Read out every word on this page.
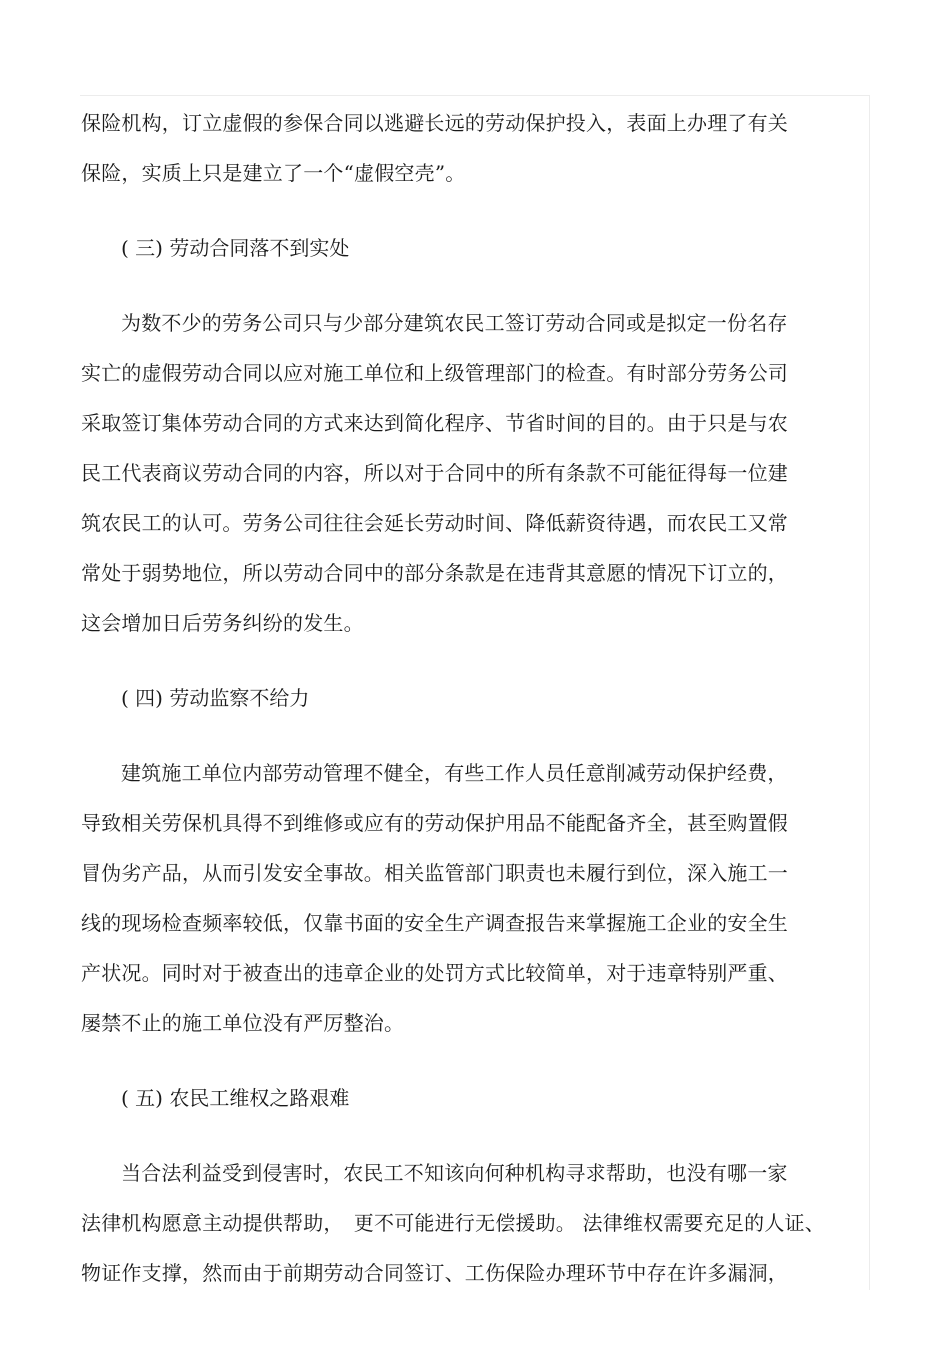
保险机构，订立虚假的参保合同以逃避长远的劳动保护投入，表面上办理了有关
保险，实质上只是建立了一个“虚假空壳”。

( 三) 劳动合同落不到实处

为数不少的劳务公司只与少部分建筑农民工签订劳动合同或是拟定一份名存
实亡的虚假劳动合同以应对施工单位和上级管理部门的检查。有时部分劳务公司
采取签订集体劳动合同的方式来达到简化程序、节省时间的目的。由于只是与农
民工代表商议劳动合同的内容，所以对于合同中的所有条款不可能征得每一位建
筑农民工的认可。劳务公司往往会延长劳动时间、降低薪资待遇，而农民工又常
常处于弱势地位，所以劳动合同中的部分条款是在违背其意愿的情况下订立的，
这会增加日后劳务纠纷的发生。

( 四) 劳动监察不给力

建筑施工单位内部劳动管理不健全，有些工作人员任意削减劳动保护经费，
导致相关劳保机具得不到维修或应有的劳动保护用品不能配备齐全，甚至购置假
冒伪劣产品，从而引发安全事故。相关监管部门职责也未履行到位，深入施工一
线的现场检查频率较低，仅靠书面的安全生产调查报告来掌握施工企业的安全生
产状况。同时对于被查出的违章企业的处罚方式比较简单，对于违章特别严重、
屡禁不止的施工单位没有严厉整治。

( 五) 农民工维权之路艰难

当合法利益受到侵害时，农民工不知该向何种机构寻求帮助，也没有哪一家
法律机构愿意主动提供帮助，　更不可能进行无偿援助。 法律维权需要充足的人证、
物证作支撑，然而由于前期劳动合同签订、工伤保险办理环节中存在许多漏洞，
